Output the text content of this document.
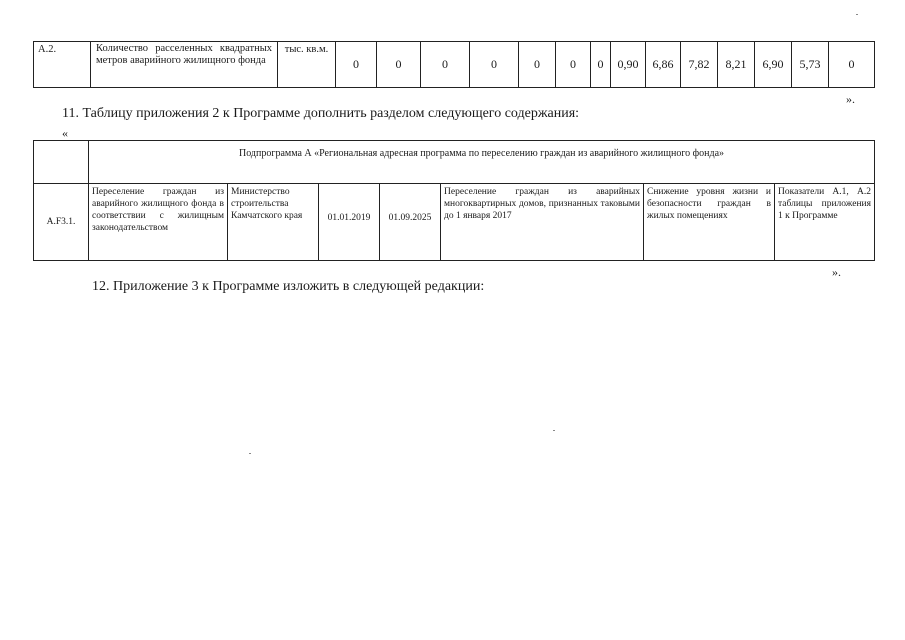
А.2.	Количество расселенных квадратных метров аварийного жилищного фонда	тыс. кв.м.	0	0	0	0	0	0	0	0,90	6,86	7,82	8,21	6,90	5,73	0
».
11. Таблицу приложения 2 к Программе дополнить разделом следующего содержания:
«

	Подпрограмма А «Региональная адресная программа по переселению граждан из аварийного жилищного фонда»						

А.F3.1.	Переселение граждан из аварийного жилищного фонда в соответствии с жилищным законодательством	Министерство строительства Камчатского края	01.01.2019	01.09.2025	Переселение граждан из аварийных многоквартирных домов, признанных таковыми до 1 января 2017	Снижение уровня жизни и безопасности граждан в жилых помещениях	Показатели А.1, А.2 таблицы приложения 1 к Программе
».
12. Приложение 3 к Программе изложить в следующей редакции:
